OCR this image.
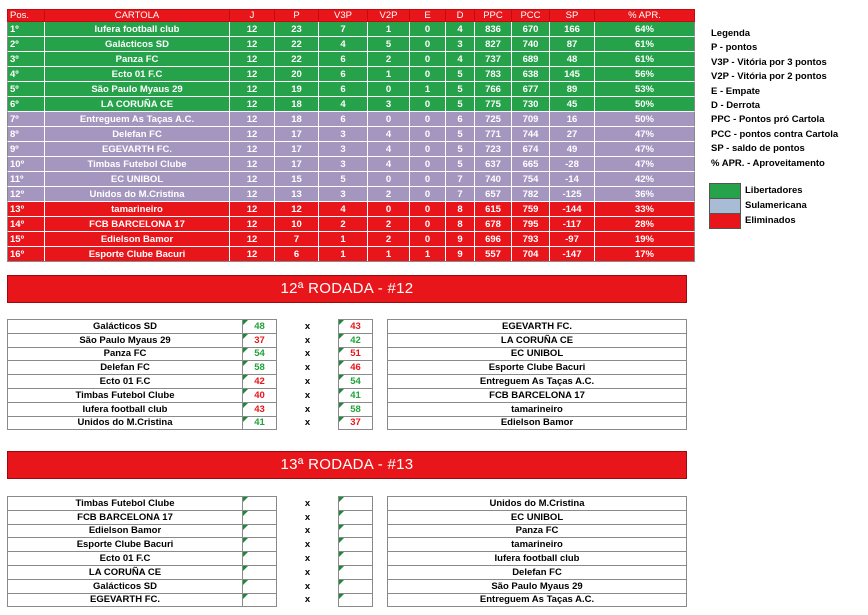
Pos.	CARTOLA	J	P	V3P	V2P	E	D	PPC	PCC	SP	% APR.
1º	Iufera football club	12	23	7	1	0	4	836	670	166	64%
2º	Galácticos SD	12	22	4	5	0	3	827	740	87	61%
3º	Panza FC	12	22	6	2	0	4	737	689	48	61%
4º	Ecto 01 F.C	12	20	6	1	0	5	783	638	145	56%
5º	São Paulo Myaus 29	12	19	6	0	1	5	766	677	89	53%
6º	LA CORUÑA CE	12	18	4	3	0	5	775	730	45	50%
7º	Entreguem As Taças A.C.	12	18	6	0	0	6	725	709	16	50%
8º	Delefan FC	12	17	3	4	0	5	771	744	27	47%
9º	EGEVARTH FC.	12	17	3	4	0	5	723	674	49	47%
10º	Timbas Futebol Clube	12	17	3	4	0	5	637	665	-28	47%
11º	EC UNIBOL	12	15	5	0	0	7	740	754	-14	42%
12º	Unidos do M.Cristina	12	13	3	2	0	7	657	782	-125	36%
13º	tamarineiro	12	12	4	0	0	8	615	759	-144	33%
14º	FCB BARCELONA 17	12	10	2	2	0	8	678	795	-117	28%
15º	Edielson Bamor	12	7	1	2	0	9	696	793	-97	19%
16º	Esporte Clube Bacuri	12	6	1	1	1	9	557	704	-147	17%
Legenda
P - pontos
V3P - Vitória por 3 pontos
V2P - Vitória por 2 pontos
E - Empate
D - Derrota
PPC - Pontos pró Cartola
PCC - pontos contra Cartola
SP - saldo de pontos
% APR. - Aproveitamento
Libertadores
Sulamericana
Eliminados
12ª RODADA - #12
Galácticos SD	48	x	43		EGEVARTH FC.
São Paulo Myaus 29	37	x	42		LA CORUÑA CE
Panza FC	54	x	51		EC UNIBOL
Delefan FC	58	x	46		Esporte Clube Bacuri
Ecto 01 F.C	42	x	54		Entreguem As Taças A.C.
Timbas Futebol Clube	40	x	41		FCB BARCELONA 17
Iufera football club	43	x	58		tamarineiro
Unidos do M.Cristina	41	x	37		Edielson Bamor
13ª RODADA - #13
Timbas Futebol Clube		x			Unidos do M.Cristina
FCB BARCELONA 17		x			EC UNIBOL
Edielson Bamor		x			Panza FC
Esporte Clube Bacuri		x			tamarineiro
Ecto 01 F.C		x			Iufera football club
LA CORUÑA CE		x			Delefan FC
Galácticos SD		x			São Paulo Myaus 29
EGEVARTH FC.		x			Entreguem As Taças A.C.
